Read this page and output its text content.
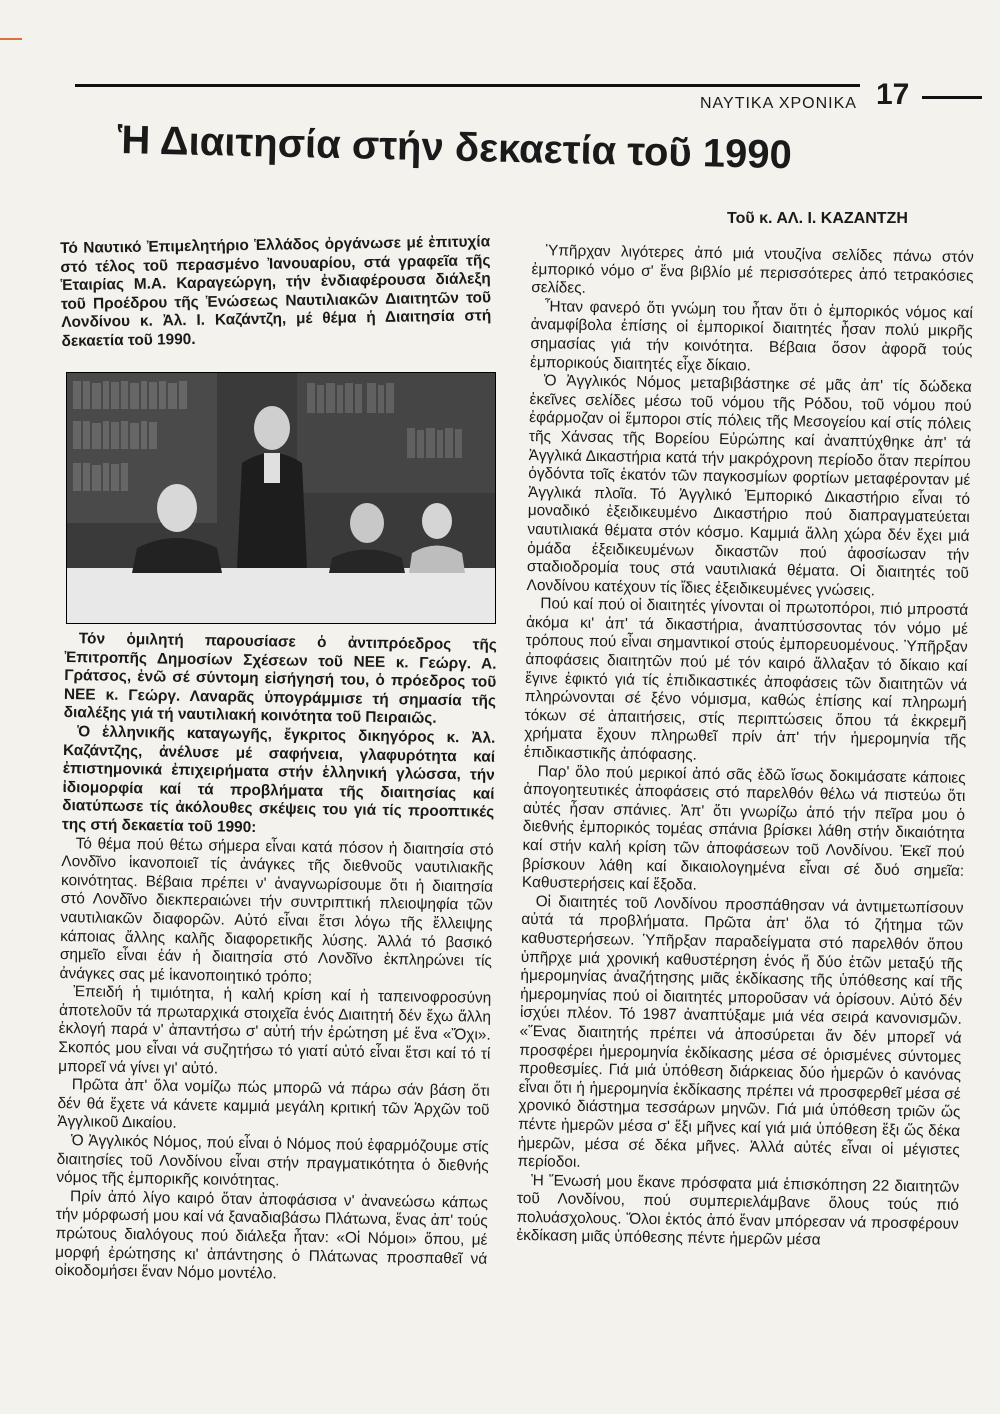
ΝΑΥΤΙΚΑ ΧΡΟΝΙΚΑ 17
Ἡ Διαιτησία στήν δεκαετία τοῦ 1990
Τοῦ κ. ΑΛ. Ι. ΚΑΖΑΝΤΖΗ

Τό Ναυτικό Ἐπιμελητήριο Ἑλλάδος ὀργάνωσε μέ ἐπιτυχία στό τέλος τοῦ περασμένο Ἰανουαρίου, στά γραφεῖα τῆς Ἑταιρίας Μ.Α. Καραγεώργη, τήν ἐνδιαφέρουσα διάλεξη τοῦ Προέδρου τῆς Ἑνώσεως Ναυτιλιακῶν Διαιτητῶν τοῦ Λονδίνου κ. Ἀλ. Ι. Καζάντζη, μέ θέμα ἡ Διαιτησία στή δεκαετία τοῦ 1990.

Τόν ὁμιλητή παρουσίασε ὁ ἀντιπρόεδρος τῆς Ἐπιτροπῆς Δημοσίων Σχέσεων τοῦ ΝΕΕ κ. Γεώργ. Α. Γράτσος, ἐνῶ σέ σύντομη εἰσήγησή του, ὁ πρόεδρος τοῦ ΝΕΕ κ. Γεώργ. Λαναρᾶς ὑπογράμμισε τή σημασία τῆς διαλέξης γιά τή ναυτιλιακή κοινότητα τοῦ Πειραιῶς.

Ὁ ἑλληνικῆς καταγωγῆς, ἔγκριτος δικηγόρος κ. Ἀλ. Καζάντζης, ἀνέλυσε μέ σαφήνεια, γλαφυρότητα καί ἐπιστημονικά ἐπιχειρήματα στήν ἑλληνική γλώσσα, τήν ἰδιομορφία καί τά προβλήματα τῆς διαιτησίας καί διατύπωσε τίς ἀκόλουθες σκέψεις του γιά τίς προοπτικές της στή δεκαετία τοῦ 1990:

Τό θέμα πού θέτω σήμερα εἶναι κατά πόσον ἡ διαιτησία στό Λονδῖνο ἱκανοποιεῖ τίς ἀνάγκες τῆς διεθνοῦς ναυτιλιακῆς κοινότητας. Βέβαια πρέπει ν' ἀναγνωρίσουμε ὅτι ἡ διαιτησία στό Λονδῖνο διεκπεραιώνει τήν συντριπτική πλειοψηφία τῶν ναυτιλιακῶν διαφορῶν. Αὐτό εἶναι ἔτσι λόγω τῆς ἔλλειψης κάποιας ἄλλης καλῆς διαφορετικῆς λύσης. Ἀλλά τό βασικό σημεῖο εἶναι ἐάν ἡ διαιτησία στό Λονδῖνο ἐκπληρώνει τίς ἀνάγκες σας μέ ἱκανοποιητικό τρόπο;

Ἐπειδή ἡ τιμιότητα, ἡ καλή κρίση καί ἡ ταπεινοφροσύνη ἀποτελοῦν τά πρωταρχικά στοιχεῖα ἑνός Διαιτητή δέν ἔχω ἄλλη ἐκλογή παρά ν' ἀπαντήσω σ' αὐτή τήν ἐρώτηση μέ ἕνα «Ὄχι». Σκοπός μου εἶναι νά συζητήσω τό γιατί αὐτό εἶναι ἔτσι καί τό τί μπορεῖ νά γίνει γι' αὐτό.

Πρῶτα ἀπ' ὅλα νομίζω πώς μπορῶ νά πάρω σάν βάση ὅτι δέν θά ἔχετε νά κάνετε καμμιά μεγάλη κριτική τῶν Ἀρχῶν τοῦ Ἀγγλικοῦ Δικαίου.

Ὁ Ἀγγλικός Νόμος, πού εἶναι ὁ Νόμος πού ἐφαρμόζουμε στίς διαιτησίες τοῦ Λονδίνου εἶναι στήν πραγματικότητα ὁ διεθνής νόμος τῆς ἐμπορικῆς κοινότητας.

Πρίν ἀπό λίγο καιρό ὅταν ἀποφάσισα ν' ἀνανεώσω κάπως τήν μόρφωσή μου καί νά ξαναδιαβάσω Πλάτωνα, ἕνας ἀπ' τούς πρώτους διαλόγους πού διάλεξα ἦταν: «Οἱ Νόμοι» ὅπου, μέ μορφή ἐρώτησης κι' ἀπάντησης ὁ Πλάτωνας προσπαθεῖ νά οἰκοδομήσει ἕναν Νόμο μοντέλο.

Ὑπῆρχαν λιγότερες ἀπό μιά ντουζίνα σελίδες πάνω στόν ἐμπορικό νόμο σ' ἕνα βιβλίο μέ περισσότερες ἀπό τετρακόσιες σελίδες.

Ἦταν φανερό ὅτι γνώμη του ἦταν ὅτι ὁ ἐμπορικός νόμος καί ἀναμφίβολα ἐπίσης οἱ ἐμπορικοί διαιτητές ἦσαν πολύ μικρῆς σημασίας γιά τήν κοινότητα. Βέβαια ὅσον ἀφορᾶ τούς ἐμπορικούς διαιτητές εἶχε δίκαιο.

Ὁ Ἀγγλικός Νόμος μεταβιβάστηκε σέ μᾶς ἀπ' τίς δώδεκα ἐκεῖνες σελίδες μέσω τοῦ νόμου τῆς Ρόδου, τοῦ νόμου πού ἐφάρμοζαν οἱ ἔμποροι στίς πόλεις τῆς Μεσογείου καί στίς πόλεις τῆς Χάνσας τῆς Βορείου Εὐρώπης καί ἀναπτύχθηκε ἀπ' τά Ἀγγλικά Δικαστήρια κατά τήν μακρόχρονη περίοδο ὅταν περίπου ὀγδόντα τοῖς ἑκατόν τῶν παγκοσμίων φορτίων μεταφέρονταν μέ Ἀγγλικά πλοῖα. Τό Ἀγγλικό Ἐμπορικό Δικαστήριο εἶναι τό μοναδικό ἐξειδικευμένο Δικαστήριο πού διαπραγματεύεται ναυτιλιακά θέματα στόν κόσμο. Καμμιά ἄλλη χώρα δέν ἔχει μιά ὁμάδα ἐξειδικευμένων δικαστῶν πού ἀφοσίωσαν τήν σταδιοδρομία τους στά ναυτιλιακά θέματα. Οἱ διαιτητές τοῦ Λονδίνου κατέχουν τίς ἴδιες ἐξειδικευμένες γνώσεις.

Πού καί πού οἱ διαιτητές γίνονται οἱ πρωτοπόροι, πιό μπροστά ἀκόμα κι' ἀπ' τά δικαστήρια, ἀναπτύσσοντας τόν νόμο μέ τρόπους πού εἶναι σημαντικοί στούς ἐμπορευομένους. Ὑπῆρξαν ἀποφάσεις διαιτητῶν πού μέ τόν καιρό ἄλλαξαν τό δίκαιο καί ἔγινε ἐφικτό γιά τίς ἐπιδικαστικές ἀποφάσεις τῶν διαιτητῶν νά πληρώνονται σέ ξένο νόμισμα, καθώς ἐπίσης καί πληρωμή τόκων σέ ἀπαιτήσεις, στίς περιπτώσεις ὅπου τά ἐκκρεμῆ χρήματα ἔχουν πληρωθεῖ πρίν ἀπ' τήν ἡμερομηνία τῆς ἐπιδικαστικῆς ἀπόφασης.

Παρ' ὅλο πού μερικοί ἀπό σᾶς ἐδῶ ἴσως δοκιμάσατε κάποιες ἀπογοητευτικές ἀποφάσεις στό παρελθόν θέλω νά πιστεύω ὅτι αὐτές ἦσαν σπάνιες. Ἀπ' ὅτι γνωρίζω ἀπό τήν πεῖρα μου ὁ διεθνής ἐμπορικός τομέας σπάνια βρίσκει λάθη στήν δικαιότητα καί στήν καλή κρίση τῶν ἀποφάσεων τοῦ Λονδίνου. Ἐκεῖ πού βρίσκουν λάθη καί δικαιολογημένα εἶναι σέ δυό σημεῖα: Καθυστερήσεις καί ἔξοδα.

Οἱ διαιτητές τοῦ Λονδίνου προσπάθησαν νά ἀντιμετωπίσουν αὐτά τά προβλήματα. Πρῶτα ἀπ' ὅλα τό ζήτημα τῶν καθυστερήσεων. Ὑπῆρξαν παραδείγματα στό παρελθόν ὅπου ὑπῆρχε μιά χρονική καθυστέρηση ἑνός ἤ δύο ἐτῶν μεταξύ τῆς ἡμερομηνίας ἀναζήτησης μιᾶς ἐκδίκασης τῆς ὑπόθεσης καί τῆς ἡμερομηνίας πού οἱ διαιτητές μποροῦσαν νά ὁρίσουν. Αὐτό δέν ἰσχύει πλέον. Τό 1987 ἀναπτύξαμε μιά νέα σειρά κανονισμῶν. «Ἕνας διαιτητής πρέπει νά ἀποσύρεται ἄν δέν μπορεῖ νά προσφέρει ἡμερομηνία ἐκδίκασης μέσα σέ ὁρισμένες σύντομες προθεσμίες. Γιά μιά ὑπόθεση διάρκειας δύο ἡμερῶν ὁ κανόνας εἶναι ὅτι ἡ ἡμερομηνία ἐκδίκασης πρέπει νά προσφερθεῖ μέσα σέ χρονικό διάστημα τεσσάρων μηνῶν. Γιά μιά ὑπόθεση τριῶν ὥς πέντε ἡμερῶν μέσα σ' ἕξι μῆνες καί γιά μιά ὑπόθεση ἕξι ὥς δέκα ἡμερῶν, μέσα σέ δέκα μῆνες. Ἀλλά αὐτές εἶναι οἱ μέγιστες περίοδοι.

Ἡ Ἕνωσή μου ἔκανε πρόσφατα μιά ἐπισκόπηση 22 διαιτητῶν τοῦ Λονδίνου, πού συμπεριελάμβανε ὅλους τούς πιό πολυάσχολους. Ὅλοι ἐκτός ἀπό ἕναν μπόρεσαν νά προσφέρουν ἐκδίκαση μιᾶς ὑπόθεσης πέντε ἡμερῶν μέσα
